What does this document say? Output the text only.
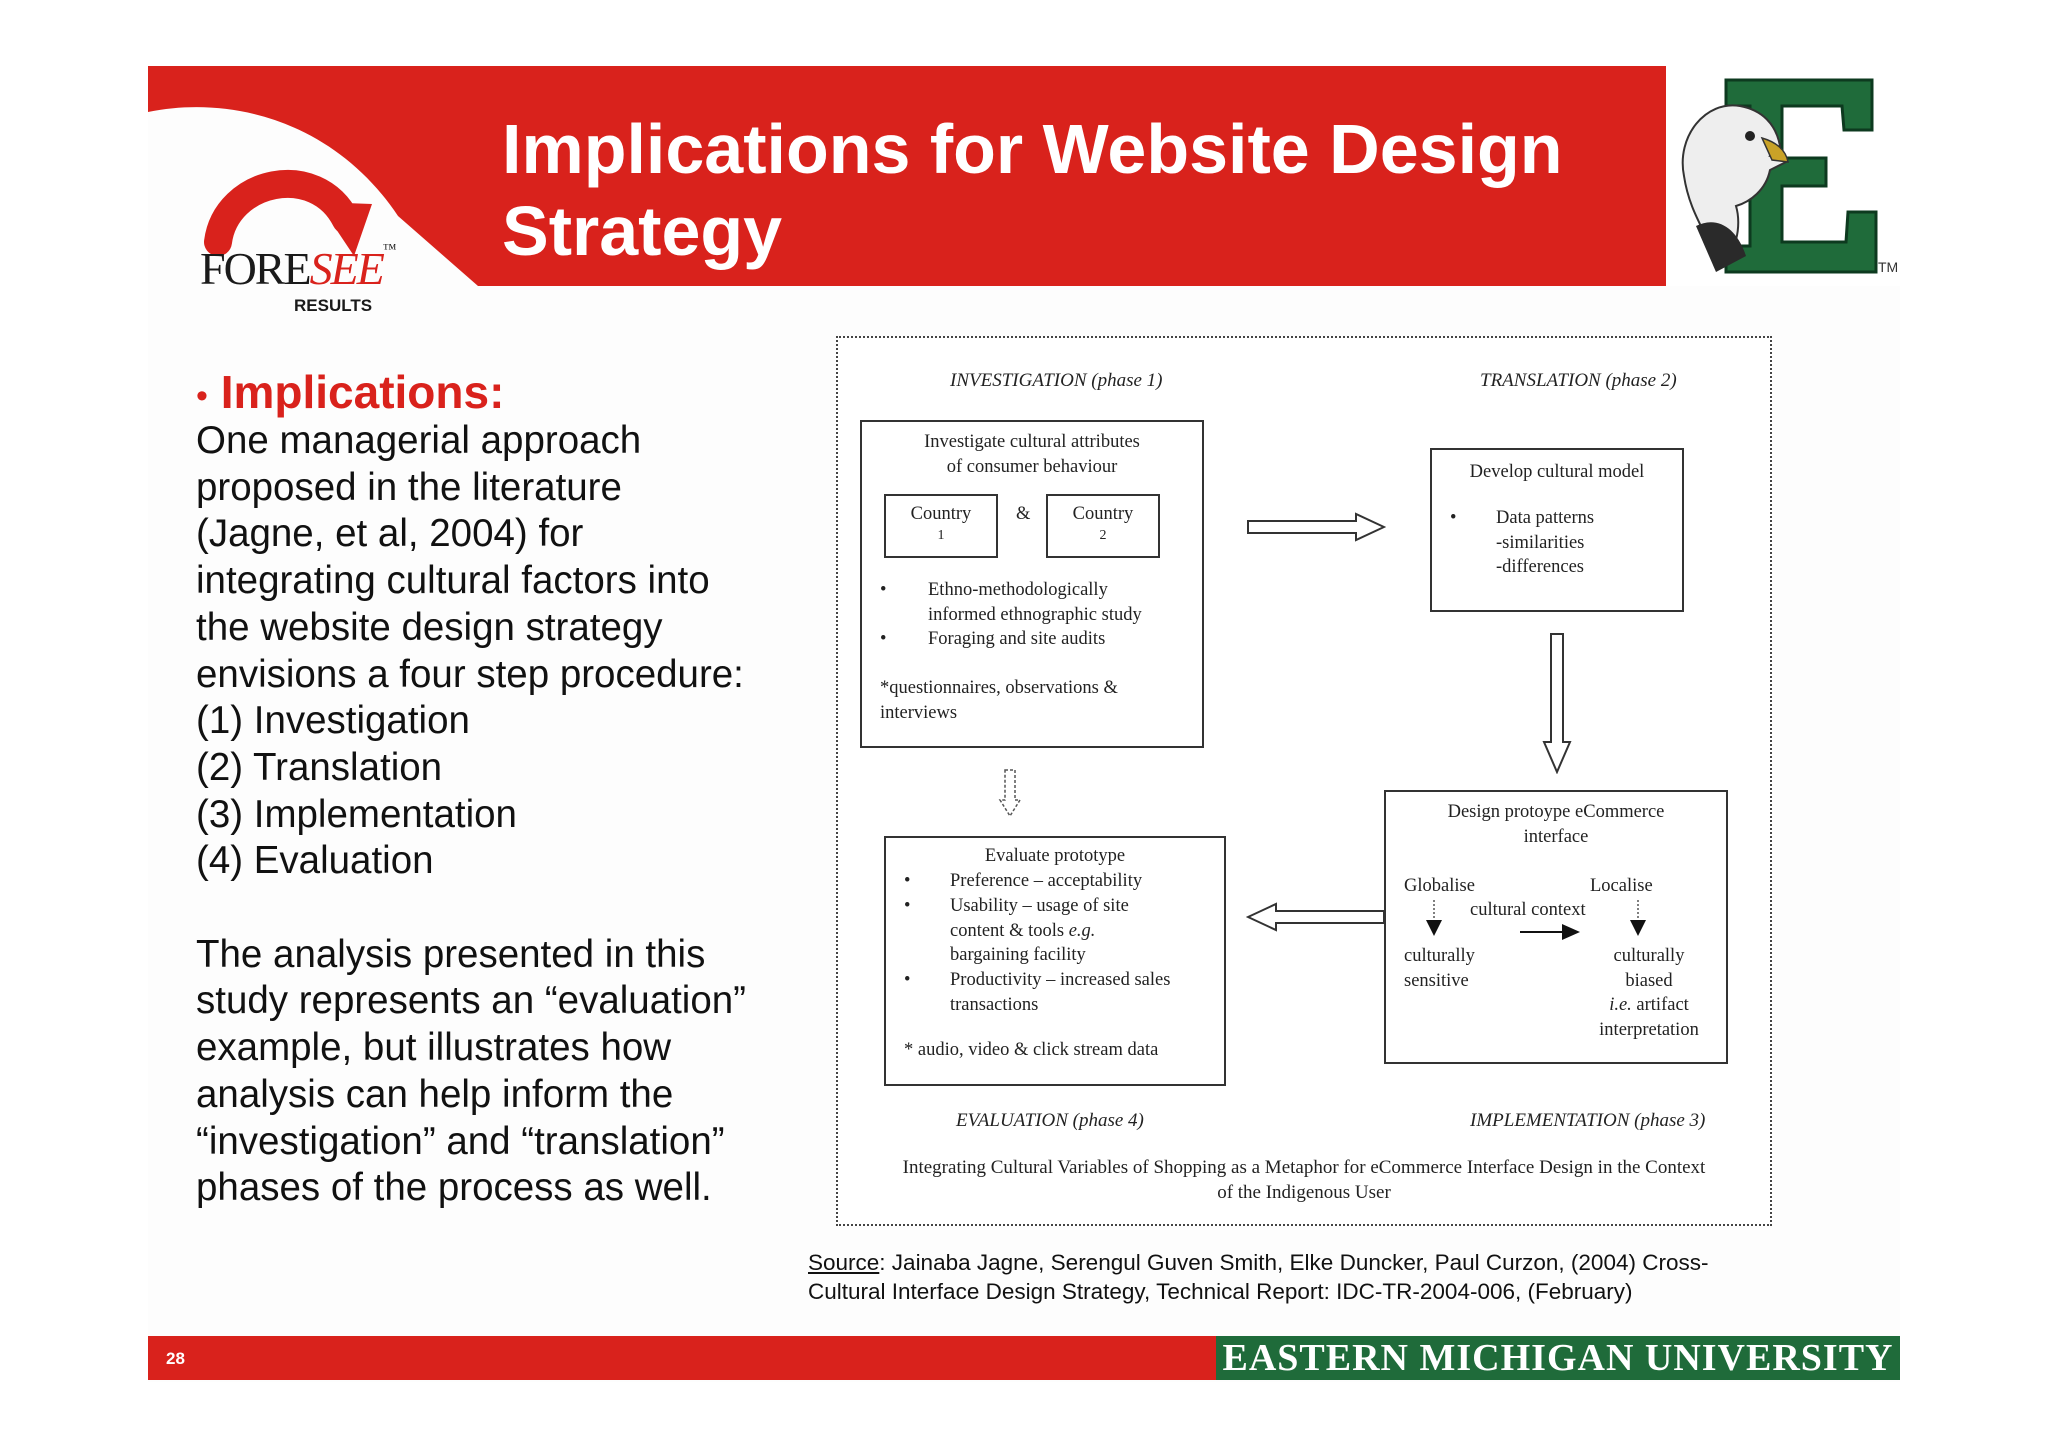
FORESEE™
RESULTS
Implications for Website Design
Strategy	TM
• Implications:

One managerial approach

proposed in the literature

(Jagne, et al, 2004) for

integrating cultural factors into

the website design strategy

envisions a four step procedure:

(1) Investigation

(2) Translation

(3) Implementation

(4) Evaluation

The analysis presented in this

study represents an “evaluation”

example, but illustrates how

analysis can help inform the

“investigation” and “translation”

phases of the process as well.

INVESTIGATION (phase 1)	TRANSLATION (phase 2)
Investigate cultural attributes
of consumer behaviour
Country
1
&	Country
2
• Ethno-methodologically
informed ethnographic study
• Foraging and site audits
*questionnaires, observations &
interviews
Develop cultural model
• Data patterns
-similarities
-differences
Design protoype eCommerce
interface
Globalise	Localise
cultural context
culturally
sensitive
culturally
biased
i.e. artifact
interpretation
Evaluate prototype
• Preference – acceptability
• Usability – usage of site
content & tools e.g.
bargaining facility
• Productivity – increased sales
transactions
* audio, video & click stream data
EVALUATION (phase 4)	IMPLEMENTATION (phase 3)
Integrating Cultural Variables of Shopping as a Metaphor for eCommerce Interface Design in the Context
of the Indigenous User
Source: Jainaba Jagne, Serengul Guven Smith, Elke Duncker, Paul Curzon, (2004) Cross-
Cultural Interface Design Strategy, Technical Report: IDC-TR-2004-006, (February)
28	EASTERN MICHIGAN UNIVERSITY
